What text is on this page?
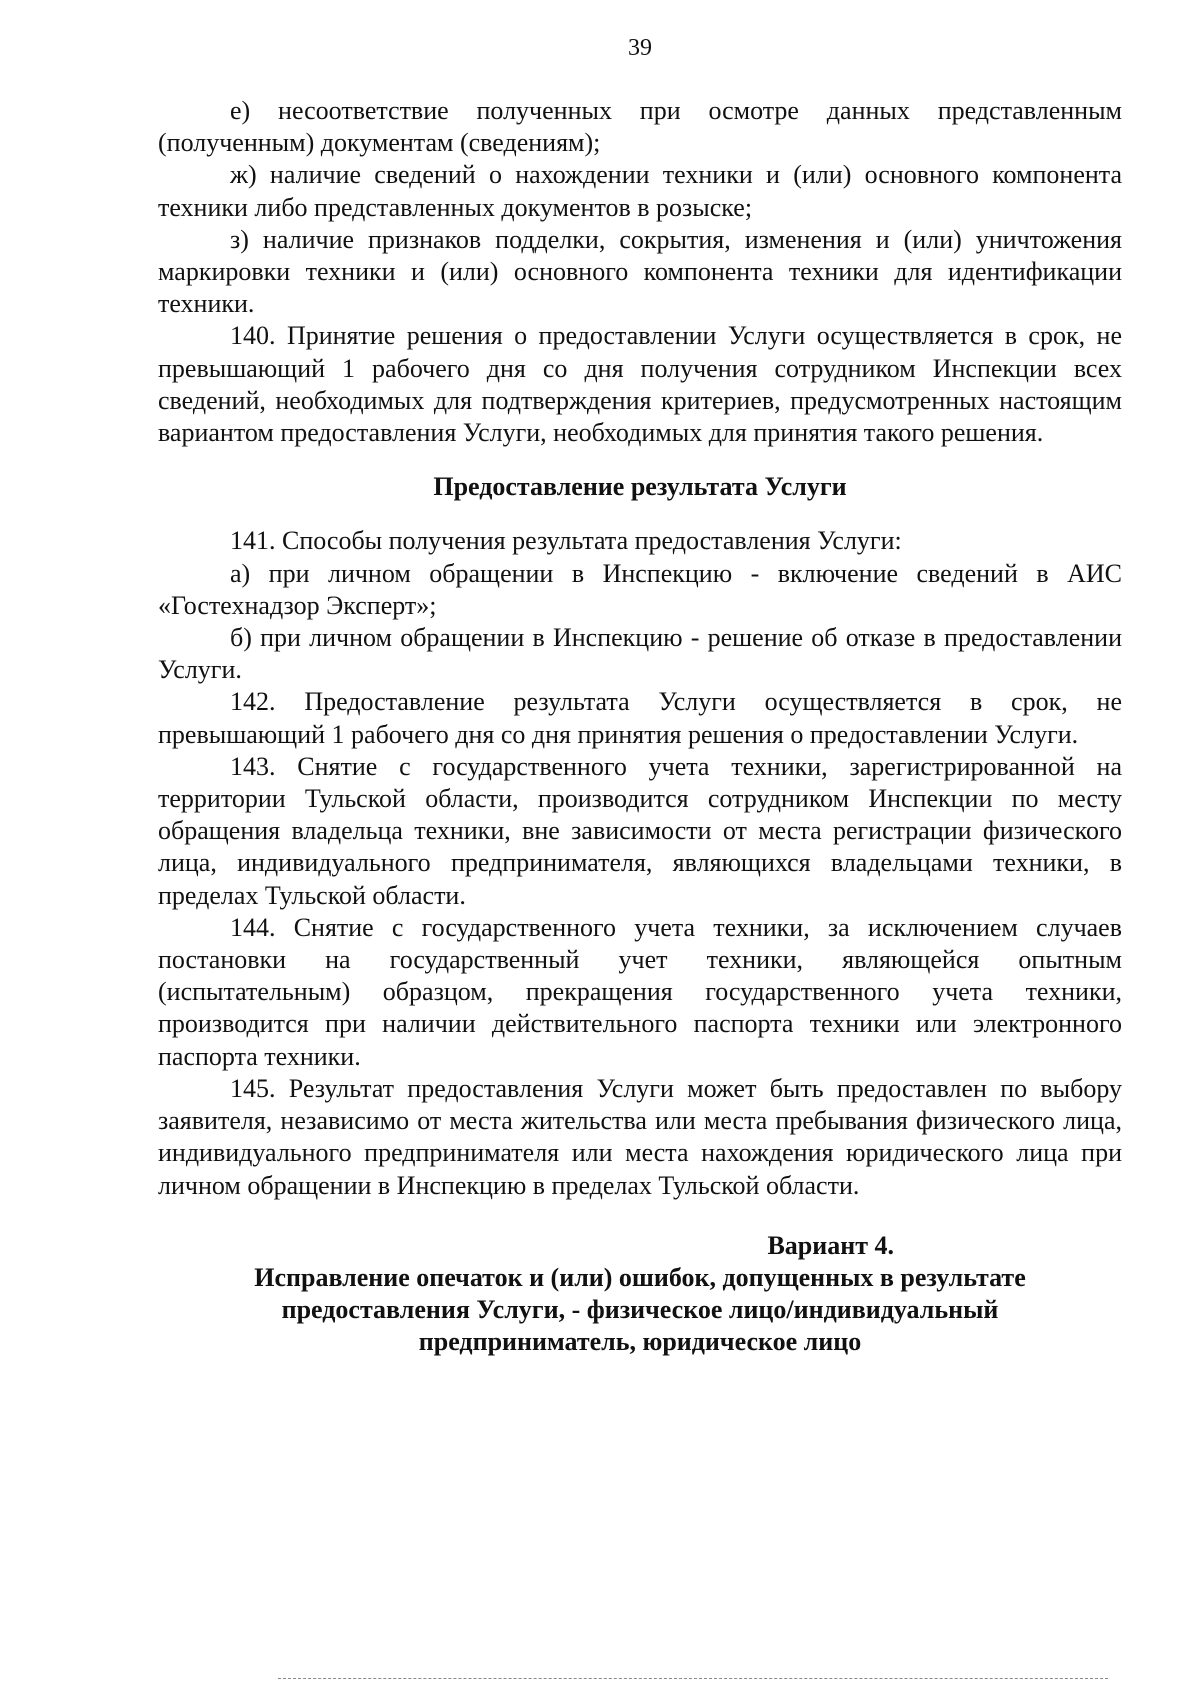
39

е) несоответствие полученных при осмотре данных представленным (полученным) документам (сведениям);

ж) наличие сведений о нахождении техники и (или) основного компонента техники либо представленных документов в розыске;

з) наличие признаков подделки, сокрытия, изменения и (или) уничтожения маркировки техники и (или) основного компонента техники для идентификации техники.

140. Принятие решения о предоставлении Услуги осуществляется в срок, не превышающий 1 рабочего дня со дня получения сотрудником Инспекции всех сведений, необходимых для подтверждения критериев, предусмотренных настоящим вариантом предоставления Услуги, необходимых для принятия такого решения.

Предоставление результата Услуги

141. Способы получения результата предоставления Услуги:

а) при личном обращении в Инспекцию - включение сведений в АИС «Гостехнадзор Эксперт»;

б) при личном обращении в Инспекцию - решение об отказе в предоставлении Услуги.

142. Предоставление результата Услуги осуществляется в срок, не превышающий 1 рабочего дня со дня принятия решения о предоставлении Услуги.

143. Снятие с государственного учета техники, зарегистрированной на территории Тульской области, производится сотрудником Инспекции по месту обращения владельца техники, вне зависимости от места регистрации физического лица, индивидуального предпринимателя, являющихся владельцами техники, в пределах Тульской области.

144. Снятие с государственного учета техники, за исключением случаев постановки на государственный учет техники, являющейся опытным (испытательным) образцом, прекращения государственного учета техники, производится при наличии действительного паспорта техники или электронного паспорта техники.

145. Результат предоставления Услуги может быть предоставлен по выбору заявителя, независимо от места жительства или места пребывания физического лица, индивидуального предпринимателя или места нахождения юридического лица при личном обращении в Инспекцию в пределах Тульской области.

Вариант 4.
Исправление опечаток и (или) ошибок, допущенных в результате
предоставления Услуги, - физическое лицо/индивидуальный
предприниматель, юридическое лицо
